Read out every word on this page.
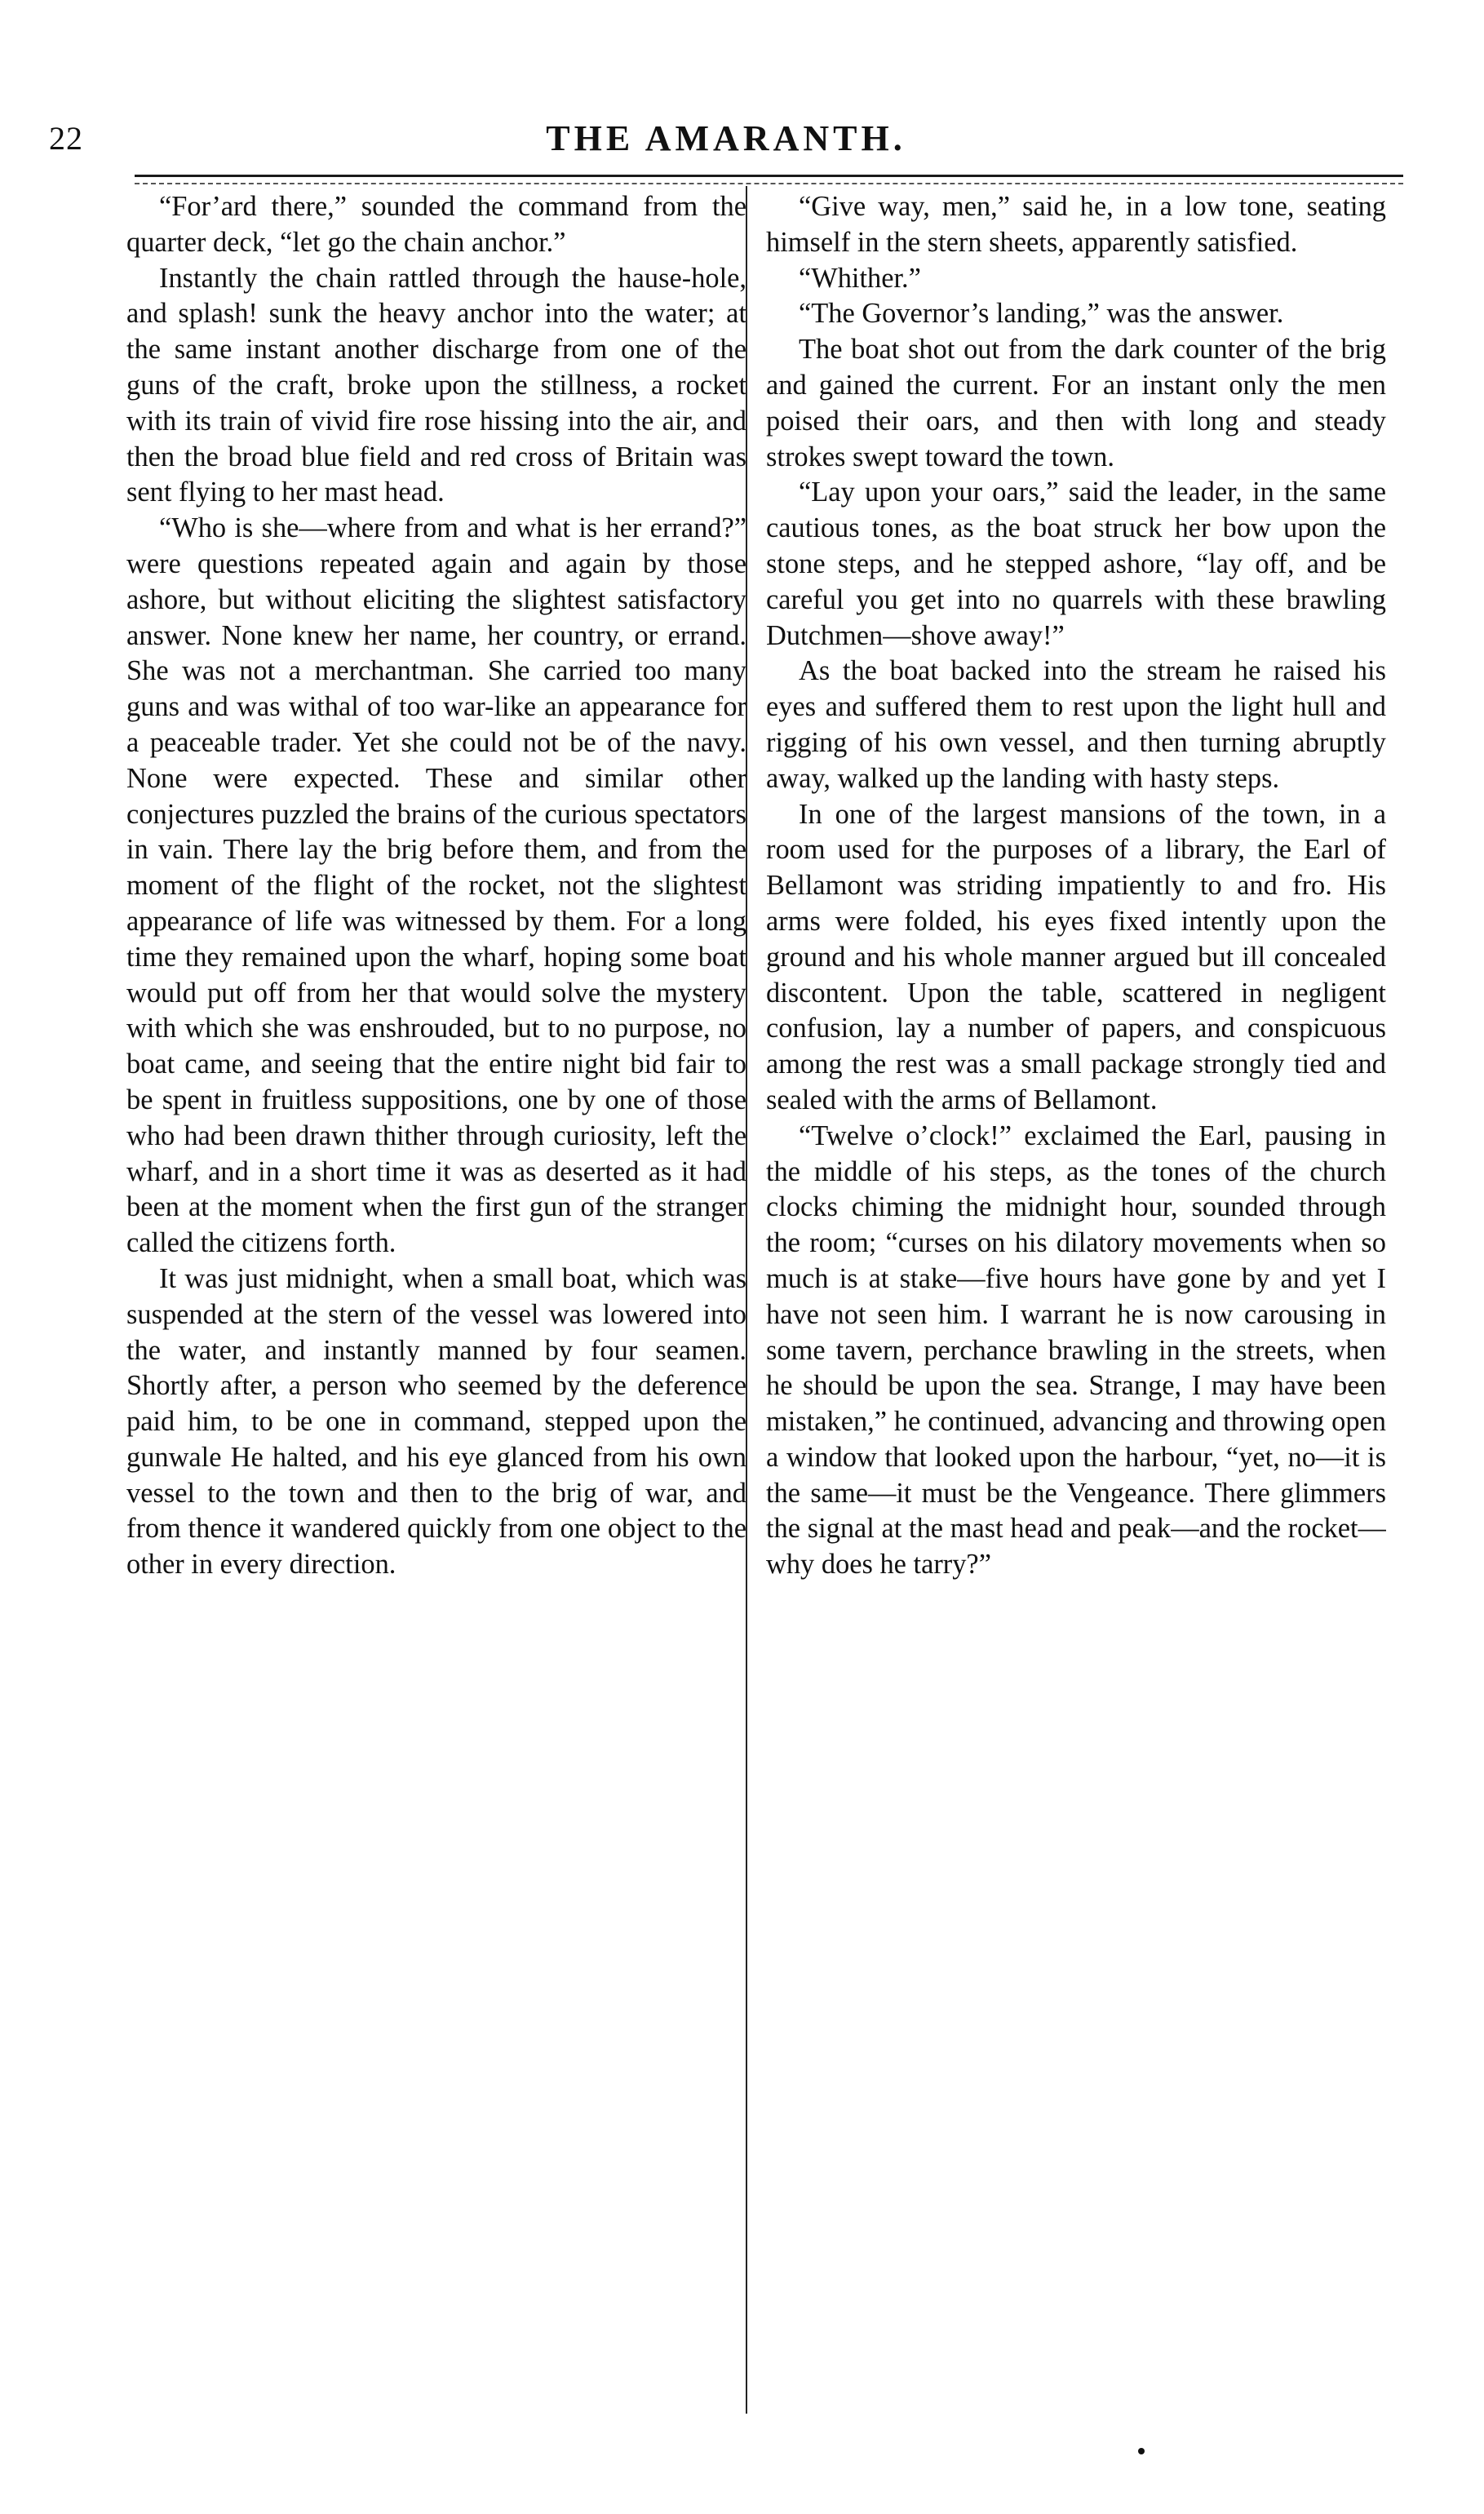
22	THE AMARANTH.

“For’ard there,” sounded the command from the quarter deck, “let go the chain anchor.”

Instantly the chain rattled through the hause-hole, and splash! sunk the heavy anchor into the water; at the same instant another discharge from one of the guns of the craft, broke upon the stillness, a rocket with its train of vivid fire rose hissing into the air, and then the broad blue field and red cross of Britain was sent flying to her mast head.

“Who is she—where from and what is her errand?” were questions repeated again and again by those ashore, but without eliciting the slightest satisfactory answer. None knew her name, her country, or errand. She was not a merchantman. She carried too many guns and was withal of too war-like an appearance for a peaceable trader. Yet she could not be of the navy. None were expected. These and similar other conjectures puzzled the brains of the curious spectators in vain. There lay the brig before them, and from the moment of the flight of the rocket, not the slightest appearance of life was witnessed by them. For a long time they remained upon the wharf, hoping some boat would put off from her that would solve the mystery with which she was enshrouded, but to no purpose, no boat came, and seeing that the entire night bid fair to be spent in fruitless suppositions, one by one of those who had been drawn thither through curiosity, left the wharf, and in a short time it was as deserted as it had been at the moment when the first gun of the stranger called the citizens forth.

It was just midnight, when a small boat, which was suspended at the stern of the vessel was lowered into the water, and instantly manned by four seamen. Shortly after, a person who seemed by the deference paid him, to be one in command, stepped upon the gunwale He halted, and his eye glanced from his own vessel to the town and then to the brig of war, and from thence it wandered quickly from one object to the other in every direction.

“Give way, men,” said he, in a low tone, seating himself in the stern sheets, apparently satisfied.

“Whither.”

“The Governor’s landing,” was the answer.

The boat shot out from the dark counter of the brig and gained the current. For an instant only the men poised their oars, and then with long and steady strokes swept toward the town.

“Lay upon your oars,” said the leader, in the same cautious tones, as the boat struck her bow upon the stone steps, and he stepped ashore, “lay off, and be careful you get into no quarrels with these brawling Dutchmen—shove away!”

As the boat backed into the stream he raised his eyes and suffered them to rest upon the light hull and rigging of his own vessel, and then turning abruptly away, walked up the landing with hasty steps.

In one of the largest mansions of the town, in a room used for the purposes of a library, the Earl of Bellamont was striding impatiently to and fro. His arms were folded, his eyes fixed intently upon the ground and his whole manner argued but ill concealed discontent. Upon the table, scattered in negligent confusion, lay a number of papers, and conspicuous among the rest was a small package strongly tied and sealed with the arms of Bellamont.

“Twelve o’clock!” exclaimed the Earl, pausing in the middle of his steps, as the tones of the church clocks chiming the midnight hour, sounded through the room; “curses on his dilatory movements when so much is at stake—five hours have gone by and yet I have not seen him. I warrant he is now carousing in some tavern, perchance brawling in the streets, when he should be upon the sea. Strange, I may have been mistaken,” he continued, advancing and throwing open a window that looked upon the harbour, “yet, no—it is the same—it must be the Vengeance. There glimmers the signal at the mast head and peak—and the rocket—why does he tarry?”
